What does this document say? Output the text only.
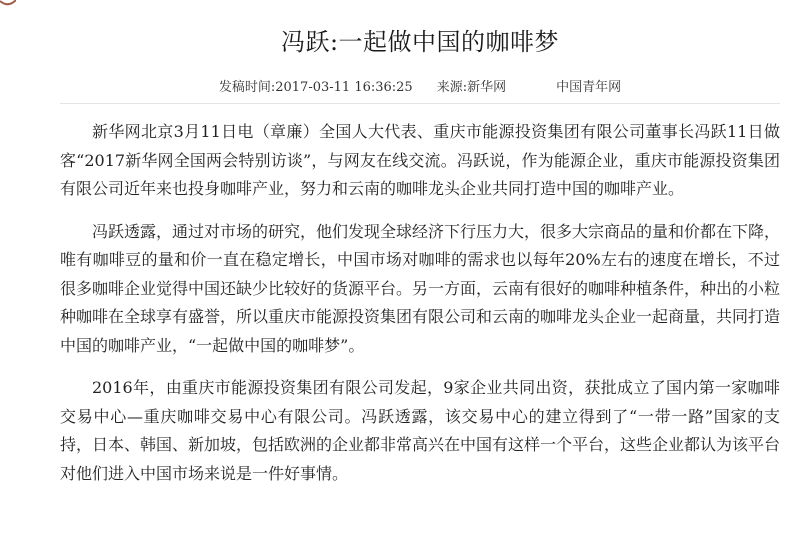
冯跃:一起做中国的咖啡梦
发稿时间:2017-03-11 16:36:25 来源:新华网	中国青年网

新华网北京3月11日电（章廉）全国人大代表、重庆市能源投资集团有限公司董事长冯跃11日做客“2017新华网全国两会特别访谈”，与网友在线交流。冯跃说，作为能源企业，重庆市能源投资集团有限公司近年来也投身咖啡产业，努力和云南的咖啡龙头企业共同打造中国的咖啡产业。

冯跃透露，通过对市场的研究，他们发现全球经济下行压力大，很多大宗商品的量和价都在下降，唯有咖啡豆的量和价一直在稳定增长，中国市场对咖啡的需求也以每年20%左右的速度在增长，不过很多咖啡企业觉得中国还缺少比较好的货源平台。另一方面，云南有很好的咖啡种植条件，种出的小粒种咖啡在全球享有盛誉，所以重庆市能源投资集团有限公司和云南的咖啡龙头企业一起商量，共同打造中国的咖啡产业，“一起做中国的咖啡梦”。

2016年，由重庆市能源投资集团有限公司发起，9家企业共同出资，获批成立了国内第一家咖啡交易中心—重庆咖啡交易中心有限公司。冯跃透露，该交易中心的建立得到了“一带一路”国家的支持，日本、韩国、新加坡，包括欧洲的企业都非常高兴在中国有这样一个平台，这些企业都认为该平台对他们进入中国市场来说是一件好事情。
